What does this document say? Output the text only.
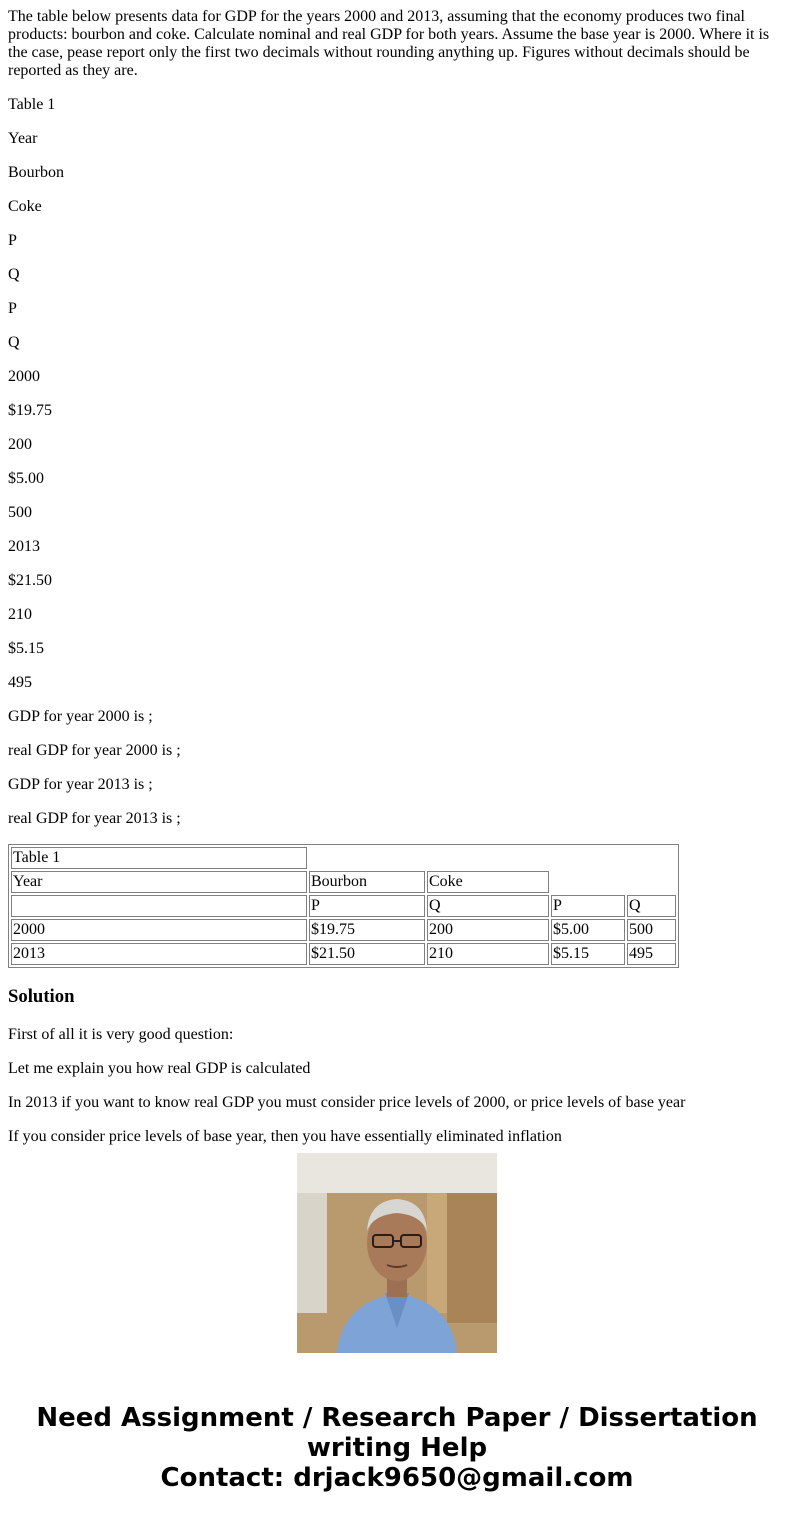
The table below presents data for GDP for the years 2000 and 2013, assuming that the economy produces two final products: bourbon and coke. Calculate nominal and real GDP for both years. Assume the base year is 2000. Where it is the case, pease report only the first two decimals without rounding anything up. Figures without decimals should be reported as they are.

Table 1

Year

Bourbon

Coke

P

Q

P

Q

2000

$19.75

200

$5.00

500

2013

$21.50

210

$5.15

495

GDP for year 2000 is ;

real GDP for year 2000 is ;

GDP for year 2013 is ;

real GDP for year 2013 is ;

Table 1				
Year	Bourbon	Coke		
	P	Q	P	Q
2000	$19.75	200	$5.00	500
2013	$21.50	210	$5.15	495
Solution

First of all it is very good question:

Let me explain you how real GDP is calculated

In 2013 if you want to know real GDP you must consider price levels of 2000, or price levels of base year

If you consider price levels of base year, then you have essentially eliminated inflation

Need Assignment / Research Paper / Dissertation
writing Help
Contact: drjack9650@gmail.com
